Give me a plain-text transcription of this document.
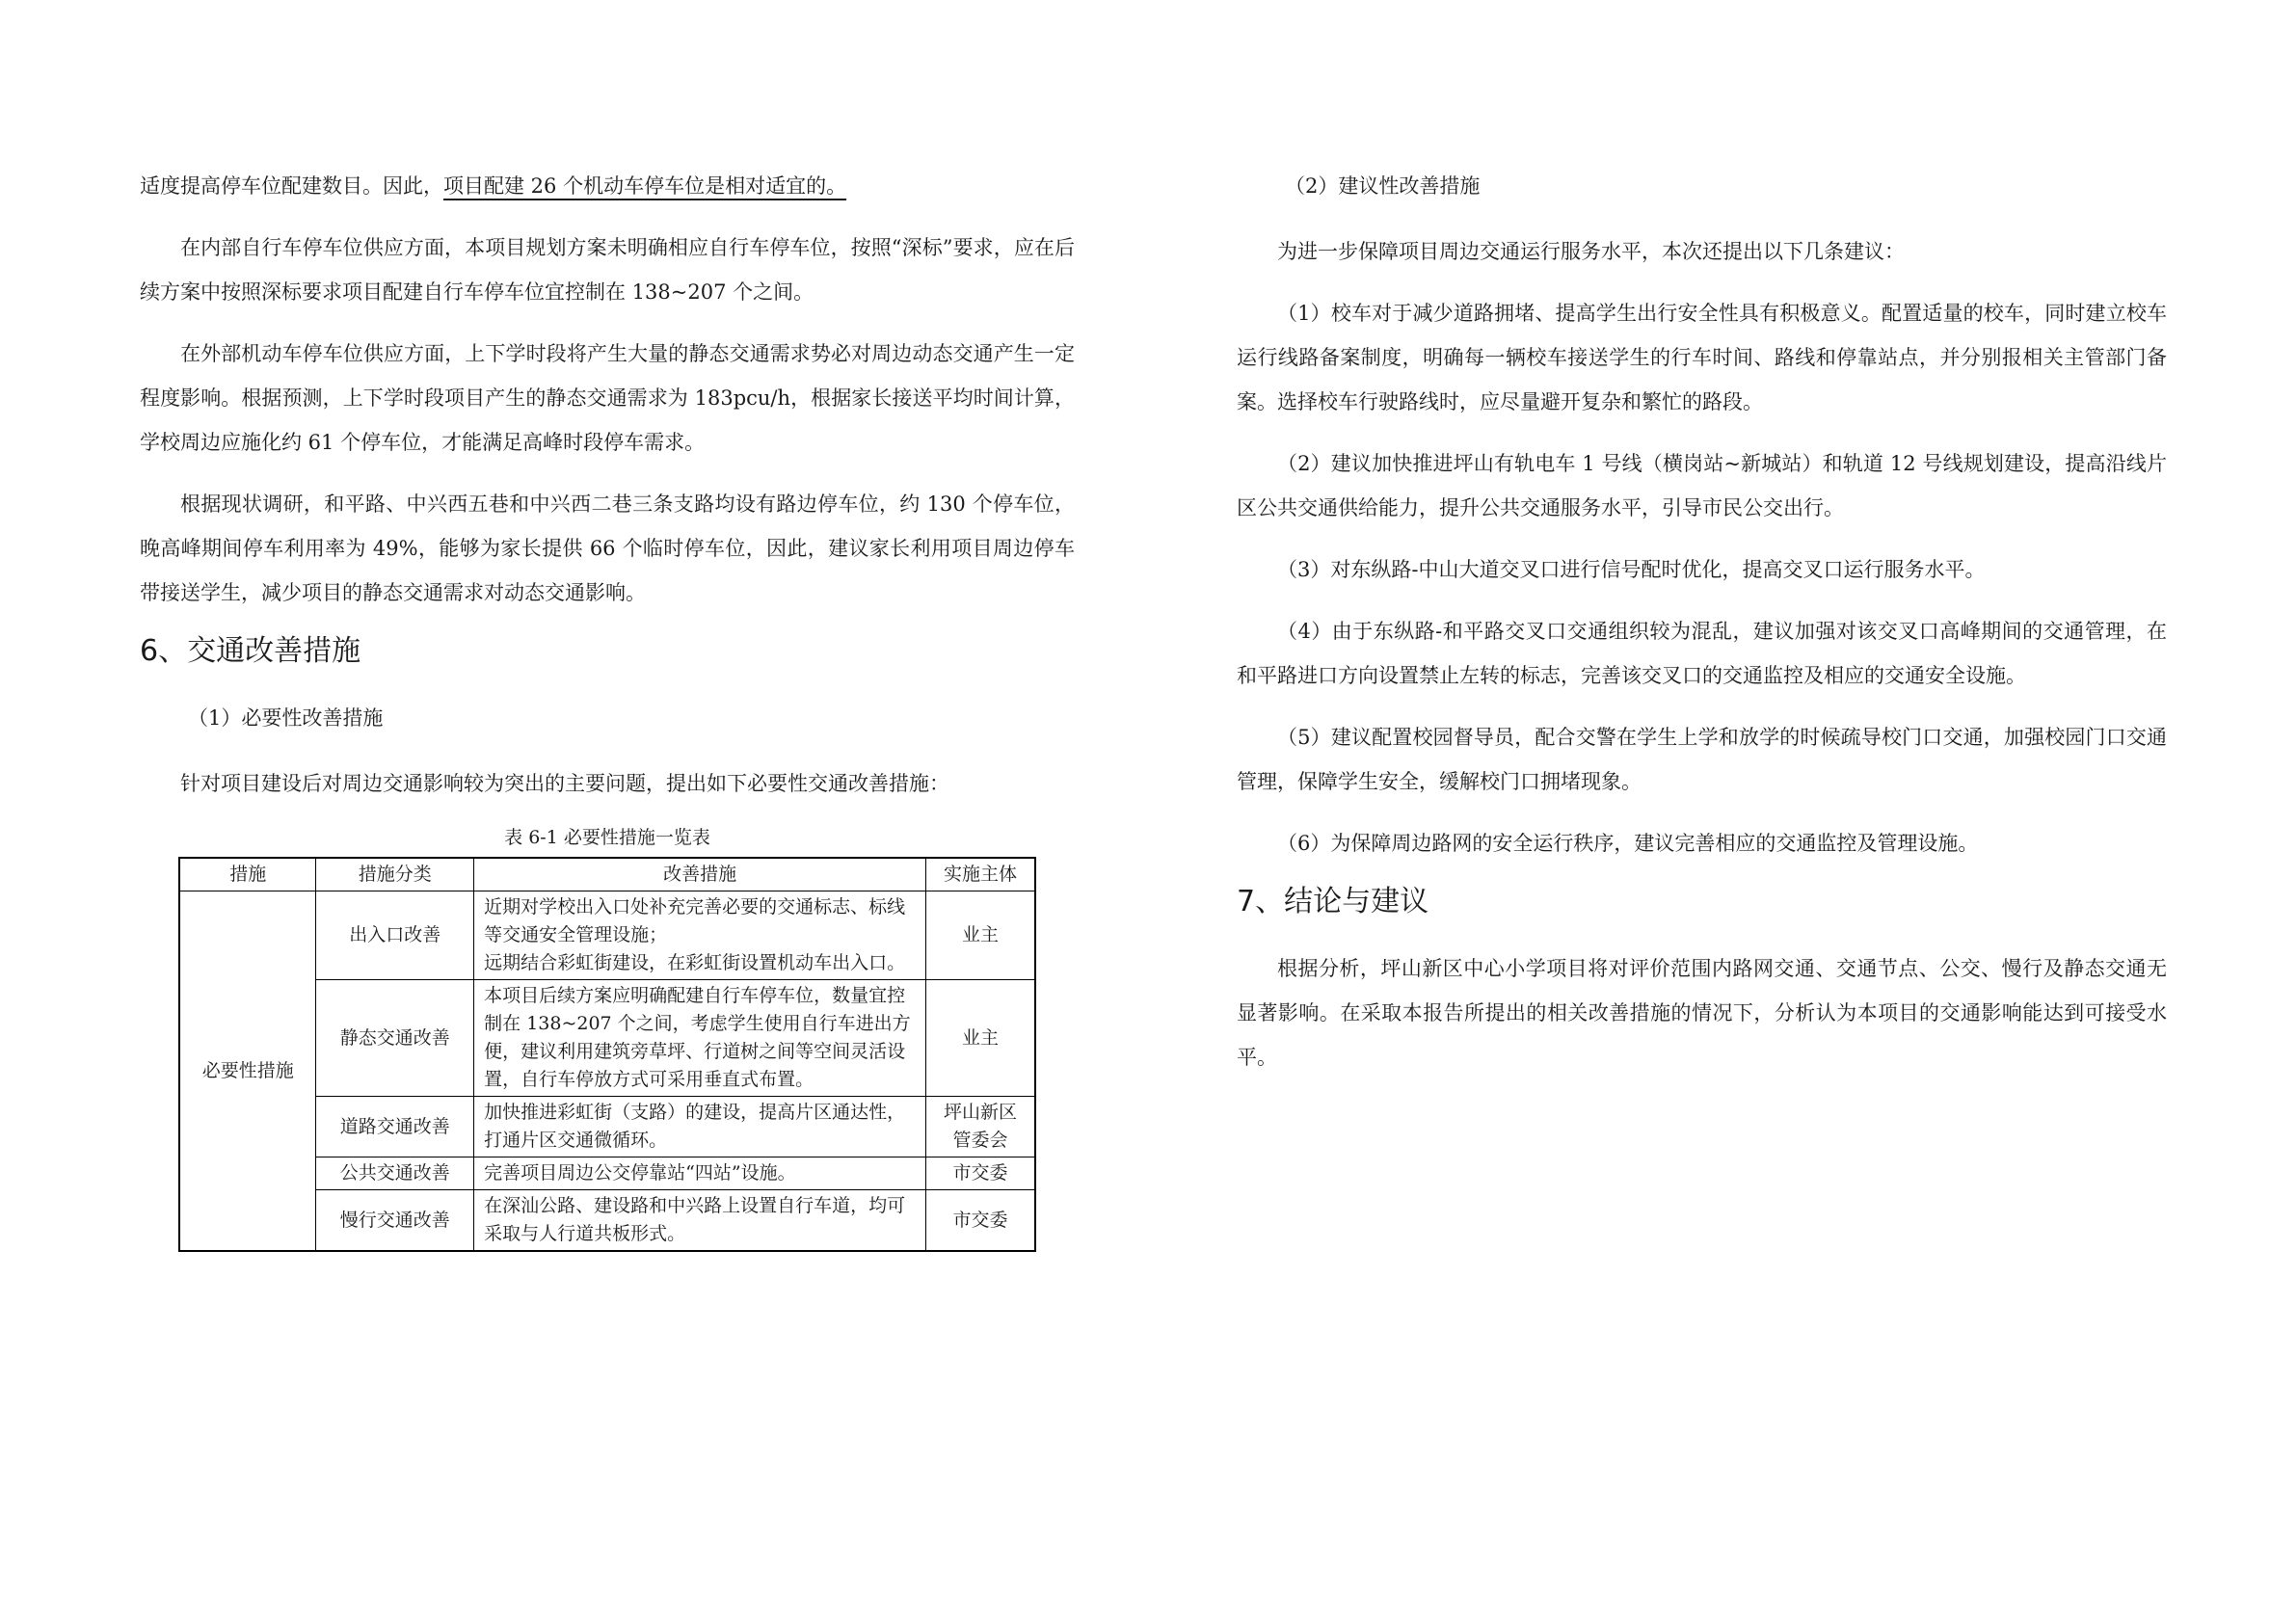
适度提高停车位配建数目。因此，项目配建 26 个机动车停车位是相对适宜的。

在内部自行车停车位供应方面，本项目规划方案未明确相应自行车停车位，按照“深标”要求，应在后续方案中按照深标要求项目配建自行车停车位宜控制在 138~207 个之间。

在外部机动车停车位供应方面，上下学时段将产生大量的静态交通需求势必对周边动态交通产生一定程度影响。根据预测，上下学时段项目产生的静态交通需求为 183pcu/h，根据家长接送平均时间计算，学校周边应施化约 61 个停车位，才能满足高峰时段停车需求。

根据现状调研，和平路、中兴西五巷和中兴西二巷三条支路均设有路边停车位，约 130 个停车位，晚高峰期间停车利用率为 49%，能够为家长提供 66 个临时停车位，因此，建议家长利用项目周边停车带接送学生，减少项目的静态交通需求对动态交通影响。

6、交通改善措施
（1）必要性改善措施

针对项目建设后对周边交通影响较为突出的主要问题，提出如下必要性交通改善措施：

表 6-1 必要性措施一览表
措施	措施分类	改善措施	实施主体
必要性措施	出入口改善	近期对学校出入口处补充完善必要的交通标志、标线等交通安全管理设施；
远期结合彩虹街建设，在彩虹街设置机动车出入口。	业主
	静态交通改善	本项目后续方案应明确配建自行车停车位，数量宜控制在 138~207 个之间，考虑学生使用自行车进出方便，建议利用建筑旁草坪、行道树之间等空间灵活设置，自行车停放方式可采用垂直式布置。	业主
	道路交通改善	加快推进彩虹街（支路）的建设，提高片区通达性，打通片区交通微循环。	坪山新区管委会
	公共交通改善	完善项目周边公交停靠站“四站”设施。	市交委
	慢行交通改善	在深汕公路、建设路和中兴路上设置自行车道，均可采取与人行道共板形式。	市交委
（2）建议性改善措施

为进一步保障项目周边交通运行服务水平，本次还提出以下几条建议：

（1）校车对于减少道路拥堵、提高学生出行安全性具有积极意义。配置适量的校车，同时建立校车运行线路备案制度，明确每一辆校车接送学生的行车时间、路线和停靠站点，并分别报相关主管部门备案。选择校车行驶路线时，应尽量避开复杂和繁忙的路段。

（2）建议加快推进坪山有轨电车 1 号线（横岗站~新城站）和轨道 12 号线规划建设，提高沿线片区公共交通供给能力，提升公共交通服务水平，引导市民公交出行。

（3）对东纵路-中山大道交叉口进行信号配时优化，提高交叉口运行服务水平。

（4）由于东纵路-和平路交叉口交通组织较为混乱，建议加强对该交叉口高峰期间的交通管理，在和平路进口方向设置禁止左转的标志，完善该交叉口的交通监控及相应的交通安全设施。

（5）建议配置校园督导员，配合交警在学生上学和放学的时候疏导校门口交通，加强校园门口交通管理，保障学生安全，缓解校门口拥堵现象。

（6）为保障周边路网的安全运行秩序，建议完善相应的交通监控及管理设施。

7、结论与建议

根据分析，坪山新区中心小学项目将对评价范围内路网交通、交通节点、公交、慢行及静态交通无显著影响。在采取本报告所提出的相关改善措施的情况下，分析认为本项目的交通影响能达到可接受水平。
